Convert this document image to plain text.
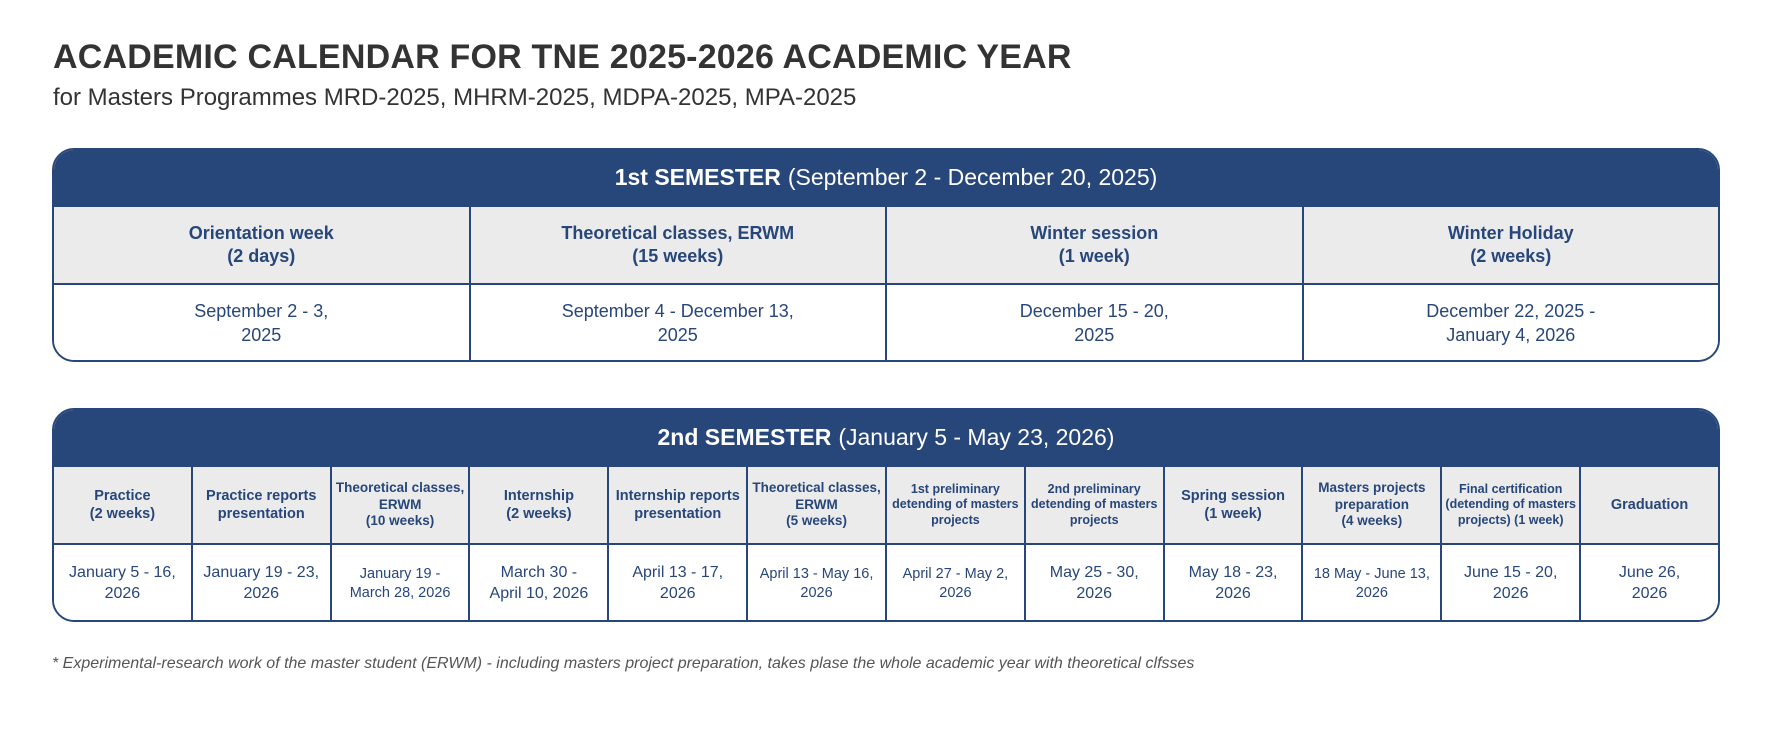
ACADEMIC CALENDAR FOR TNE 2025-2026 ACADEMIC YEAR
for Masters Programmes MRD-2025, MHRM-2025, MDPA-2025, MPA-2025
1st SEMESTER (September 2 - December 20, 2025)
Orientation week
(2 days)
Theoretical classes, ERWM
(15 weeks)
Winter session
(1 week)
Winter Holiday
(2 weeks)
September 2 - 3,
2025
September 4 - December 13,
2025
December 15 - 20,
2025
December 22, 2025 -
January 4, 2026
2nd SEMESTER (January 5 - May 23, 2026)
Practice
(2 weeks)
Practice reports
presentation
Theoretical classes,
ERWM
(10 weeks)
Internship
(2 weeks)
Internship reports
presentation
Theoretical classes,
ERWM
(5 weeks)
1st preliminary
detending of masters
projects
2nd preliminary
detending of masters
projects
Spring session
(1 week)
Masters projects
preparation
(4 weeks)
Final certification
(detending of masters
projects) (1 week)
Graduation
January 5 - 16,
2026
January 19 - 23,
2026
January 19 -
March 28, 2026
March 30 -
April 10, 2026
April 13 - 17,
2026
April 13 - May 16,
2026
April 27 - May 2,
2026
May 25 - 30,
2026
May 18 - 23,
2026
18 May - June 13,
2026
June 15 - 20,
2026
June 26,
2026
* Experimental-research work of the master student (ERWM) - including masters project preparation, takes plase the whole academic year with theoretical clfsses
